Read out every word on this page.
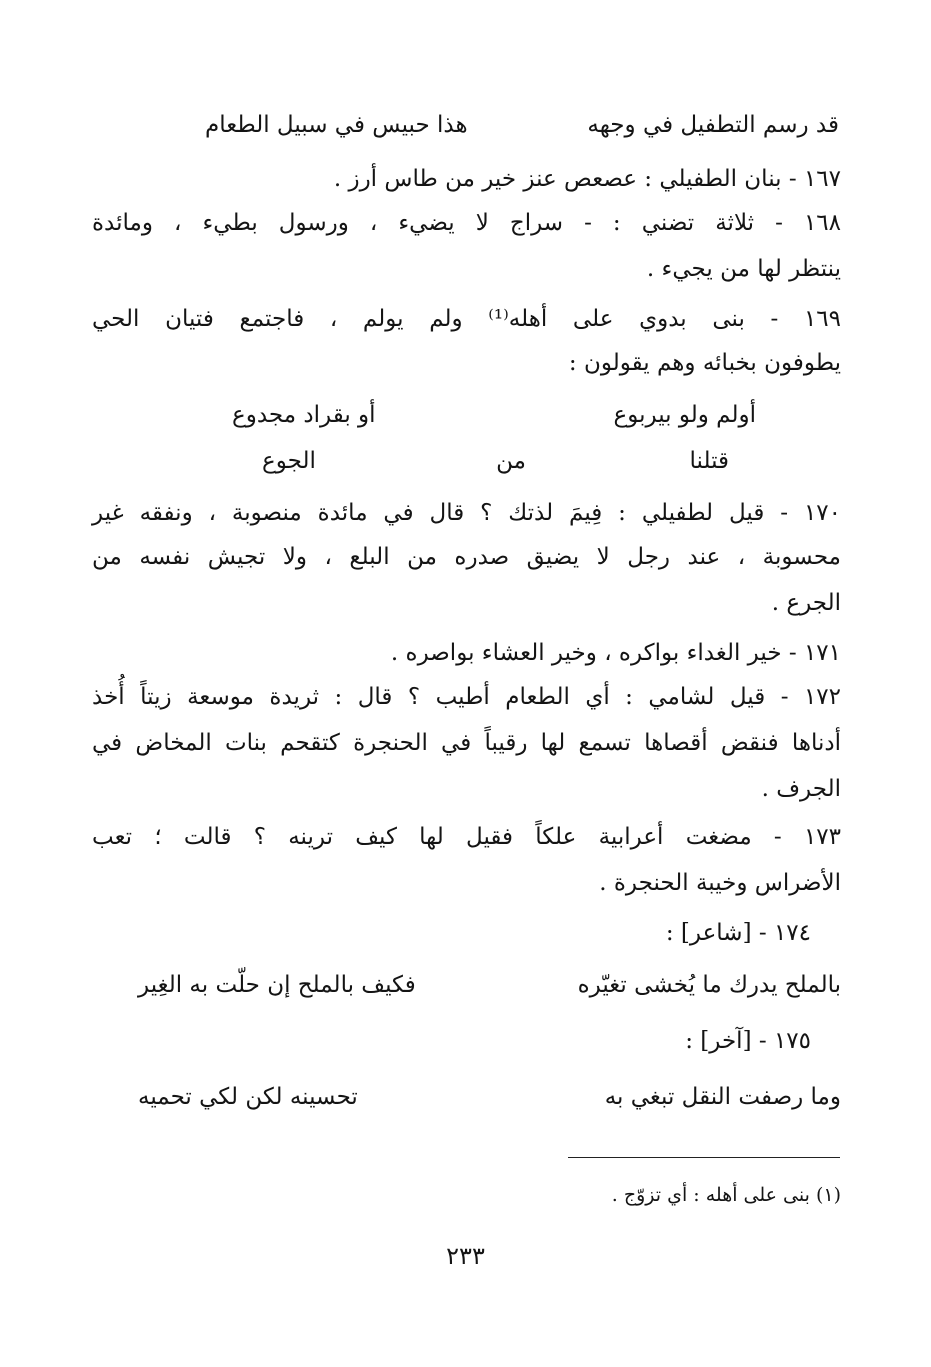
قد رسم التطفيل في وجهه
هذا حبيس في سبيل الطعام
١٦٧ - بنان الطفيلي : عصعص عنز خير من طاس أرز .
١٦٨ - ثلاثة تضني : - سراج لا يضيء ، ورسول بطيء ، ومائدة
ينتظر لها من يجيء .
١٦٩ - بنى بدوي على أهله⁽¹⁾ ولم يولم ، فاجتمع فتيان الحي
يطوفون بخبائه وهم يقولون :
أولم ولو بيربوع
أو بقراد مجدوع
قتلنا
من
الجوع
١٧٠ - قيل لطفيلي : فِيمَ لذتك ؟ قال في مائدة منصوبة ، ونفقه غير
محسوبة ، عند رجل لا يضيق صدره من البلع ، ولا تجيش نفسه من
الجرع .
١٧١ - خير الغداء بواكره ، وخير العشاء بواصره .
١٧٢ - قيل لشامي : أي الطعام أطيب ؟ قال : ثريدة موسعة زيتاً أُخذ
أدناها فنقض أقصاها تسمع لها رقيباً في الحنجرة كتقحم بنات المخاض في
الجرف .
١٧٣ - مضغت أعرابية علكاً فقيل لها كيف ترينه ؟ قالت ؛ تعب
الأضراس وخيبة الحنجرة .
١٧٤ - [شاعر] :
بالملح يدرك ما يُخشى تغيّره
فكيف بالملح إن حلّت به الغِير
١٧٥ - [آخر] :
وما رصفت النقل تبغي به
تحسينه لكن لكي تحميه
(١) بنى على أهله : أي تزوّج .
٢٣٣
